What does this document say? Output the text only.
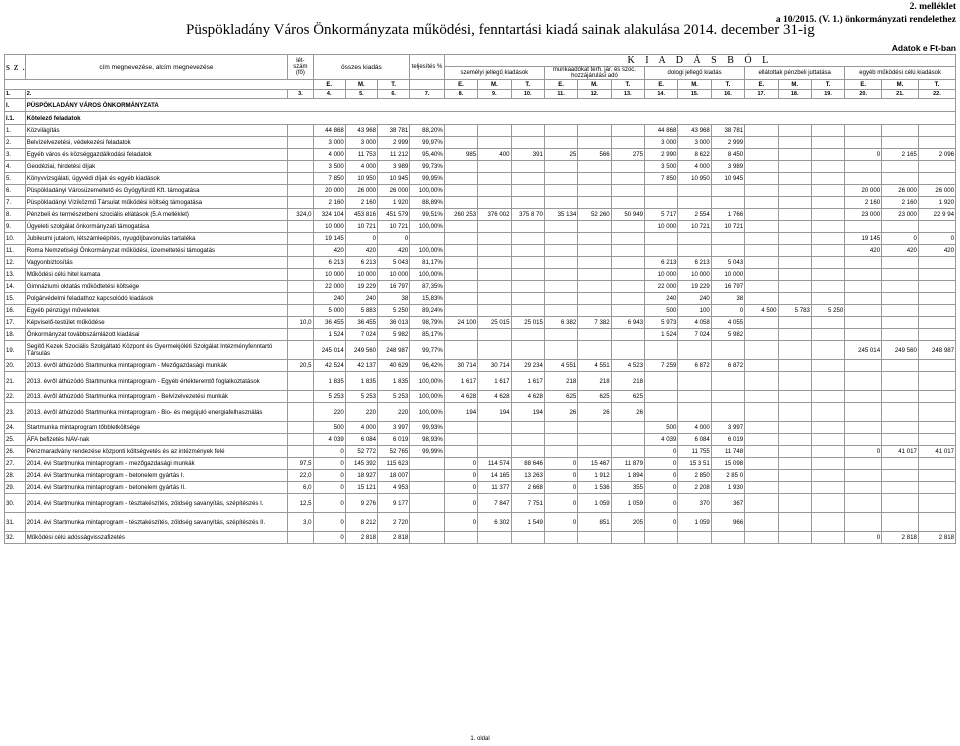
2. melléklet
a 10/2015. (V. 1.) önkormányzati rendelethez
Püspökladány Város Önkormányzata működési, fenntartási kiadá sainak alakulása 2014. december 31-ig
Adatok e Ft-ban
sz.	cím megnevezése, alcím megnevezése	lét-szám (fő)	összes kiadás			teljesítés %	K I A D Á S B Ó L														
							személyi jellegű kiadások			munkaadókat terh. jár. és szoc. hozzájárulási adó			dologi jellegű kiadás			ellátottak pénzbeli juttatása			egyéb működési célú kiadások		

			E.	M.	T.		E.	M.	T.	E.	M.	T.	E.	M.	T.	E.	M.	T.	E.	M.	T.
1.	2.	3.	4.	5.	6.	7.	8.	9.	10.	11.	12.	13.	14.	15.	16.	17.	18.	19.	20.	21.	22.
I.	PÜSPÖKLADÁNY VÁROS ÖNKORMÁNYZATA																				
I.1.	Kötelező feladatok																				
1.	Közvilágítás		44 868	43 968	38 781	88,20%							44 868	43 968	38 781						
2.	Belvízelvezetési, védekezési feladatok		3 000	3 000	2 999	99,97%							3 000	3 000	2 999						
3.	Egyéb város és községgazdálkodási feladatok		4 000	11 753	11 212	95,40%	985	400	391	25	566	275	2 990	8 622	8 450				0	2 165	2 096
4.	Geodéziai, hirdetési díjak		3 500	4 000	3 989	99,73%							3 500	4 000	3 989						
5.	Könyvvizsgálati, ügyvédi díjak és egyéb kiadások		7 850	10 950	10 945	99,95%							7 850	10 950	10 945						
6.	Püspökladányi Városüzemeltető és Gyógyfürdő Kft. támogatása		20 000	26 000	26 000	100,00%													20 000	26 000	26 000
7.	Püspökladányi Víziközmű Társulat működési költség támogatása		2 160	2 160	1 920	88,89%													2 160	2 160	1 920
8.	Pénzbeli és természetbeni szociális ellátások (5.A melléklet)	324,0	324 104	453 816	451 579	99,51%	260 253	376 002	375 8 70	35 134	52 260	50 949	5 717	2 554	1 766				23 000	23 000	22 9 94
9.	Ügyeleti szolgálat önkormányzati támogatása		10 000	10 721	10 721	100,00%							10 000	10 721	10 721						
10.	Jubileumi jutalom, létszámleépítés, nyugdíjbavonulás tartaléka		19 145	0	0														19 145	0	0
11.	Roma Nemzetiségi Önkormányzat működési, üzemeltetési támogatás		420	420	420	100,00%													420	420	420
12.	Vagyonbiztosítás		6 213	6 213	5 043	81,17%							6 213	6 213	5 043						
13.	Működési célú hitel kamata		10 000	10 000	10 000	100,00%							10 000	10 000	10 000						
14.	Gimnáziumi oktatás működtetési költsége		22 000	19 229	16 797	87,35%							22 000	19 229	16 797						
15.	Polgárvédelmi feladathoz kapcsolódó kiadások		240	240	38	15,83%							240	240	38						
16.	Egyéb pénzügyi műveletek		5 000	5 883	5 250	89,24%							500	100	0	4 500	5 783	5 250			
17.	Képviselő-testület működése	10,0	36 455	36 455	36 013	98,79%	24 100	25 015	25 015	6 382	7 382	6 943	5 973	4 058	4 055						
18.	Önkormányzat továbbszámlázott kiadásai		1 524	7 024	5 982	85,17%							1 524	7 024	5 982						
19.	Segítő Kezek Szociális Szolgáltató Központ és Gyermekjóléti Szolgálat Intézményfenntartó Társulás		245 014	249 560	248 987	99,77%													245 014	249 560	248 987
20.	2013. évről áthúzódó Startmunka mintaprogram - Mezőgazdasági munkák	20,5	42 524	42 137	40 629	96,42%	30 714	30 714	29 234	4 551	4 551	4 523	7 259	6 872	6 872						
21.	2013. évről áthúzódó Startmunka mintaprogram - Egyéb értékteremtő foglalkoztatások		1 835	1 835	1 835	100,00%	1 617	1 617	1 617	218	218	218									
22.	2013. évről áthúzódó Startmunka mintaprogram - Belvízelvezetési munkák		5 253	5 253	5 253	100,00%	4 628	4 628	4 628	625	625	625									
23.	2013. évről áthúzódó Startmunka mintaprogram - Bio- és megújuló energiafelhasználás		220	220	220	100,00%	194	194	194	26	26	26									
24.	Startmunka mintaprogram tőbbletköltsége		500	4 000	3 997	99,93%							500	4 000	3 997						
25.	ÁFA befizetés NAV-nak		4 039	6 084	6 019	98,93%							4 039	6 084	6 019						
26.	Pénzmaradvány rendezése központi költségvetés és az intézmények felé		0	52 772	52 765	99,99%							0	11 755	11 748				0	41 017	41 017
27.	2014. évi Startmunka mintaprogram - mezőgazdasági munkák	97,5	0	145 392	115 623		0	114 574	88 646	0	15 467	11 879	0	15 3 51	15 098						
28.	2014. évi Startmunka mintaprogram - betonelem gyártás I.	22,0	0	18 927	18 007		0	14 165	13 263	0	1 912	1 894	0	2 850	2 85 0						
29.	2014. évi Startmunka mintaprogram - betonelem gyártás II.	6,0	0	15 121	4 953		0	11 377	2 668	0	1 536	355	0	2 208	1 930						
30.	2014. évi Startmunka mintaprogram - tésztakészítés, zöldség savanyítás, szépítészés I.	12,5	0	9 276	9 177		0	7 847	7 751	0	1 059	1 059	0	370	367						
31.	2014. évi Startmunka mintaprogram - tésztakészítés, zöldség savanyítás, szépítészés II.	3,0	0	8 212	2 720		0	6 302	1 549	0	851	205	0	1 059	966						
32.	Működési célú adósságvisszafizetés		0	2 818	2 818														0	2 818	2 818
1. oldal
